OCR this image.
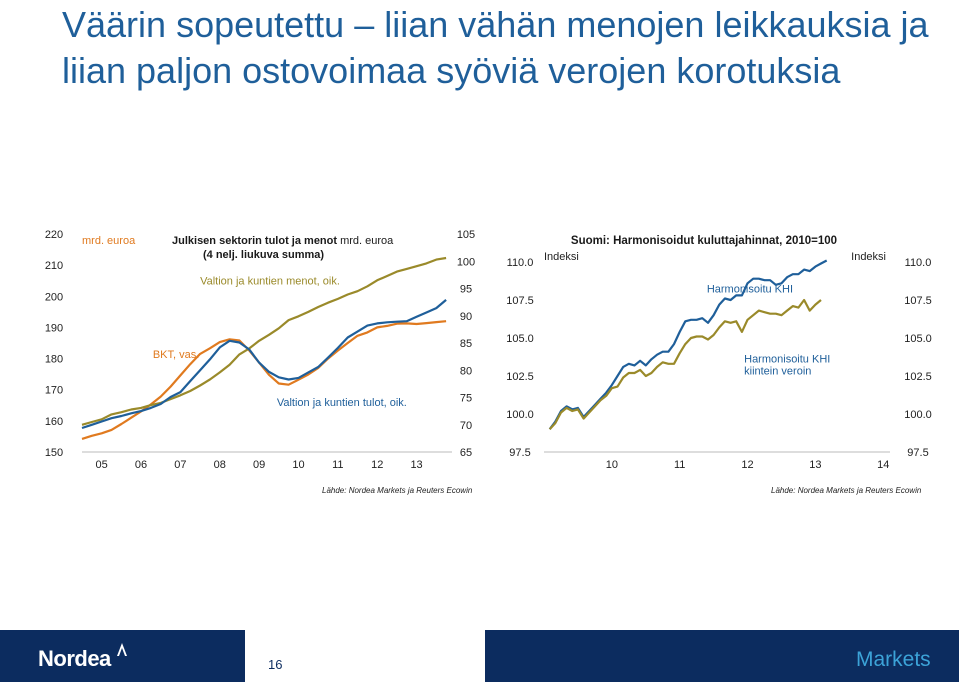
Väärin sopeutettu – liian vähän menojen leikkauksia ja
liian paljon ostovoimaa syöviä verojen korotuksia
150
160
170
180
190
200
210
220
65
70
75
80
85
90
95
100
105
05 06 07 08 09 10	11	12 13
mrd. euroa	Julkisen sektorin tulot ja menot mrd. euroa
(4 nelj. liukuva summa)
BKT, vas.
Valtion ja kuntien menot, oik.
Valtion ja kuntien tulot, oik.
97.5
100.0
102.5
105.0
107.5
110.0
97.5
100.0
102.5
105.0
107.5
110.0
10	11	12	13	14
Suomi: Harmonisoidut kuluttajahinnat, 2010=100
Indeksi	Indeksi
Harmonisoitu KHI
Harmonisoitu KHI
kiintein veroin
Lähde: Nordea Markets ja Reuters Ecowin	Lähde: Nordea Markets ja Reuters Ecowin
Nordea	16	Markets
